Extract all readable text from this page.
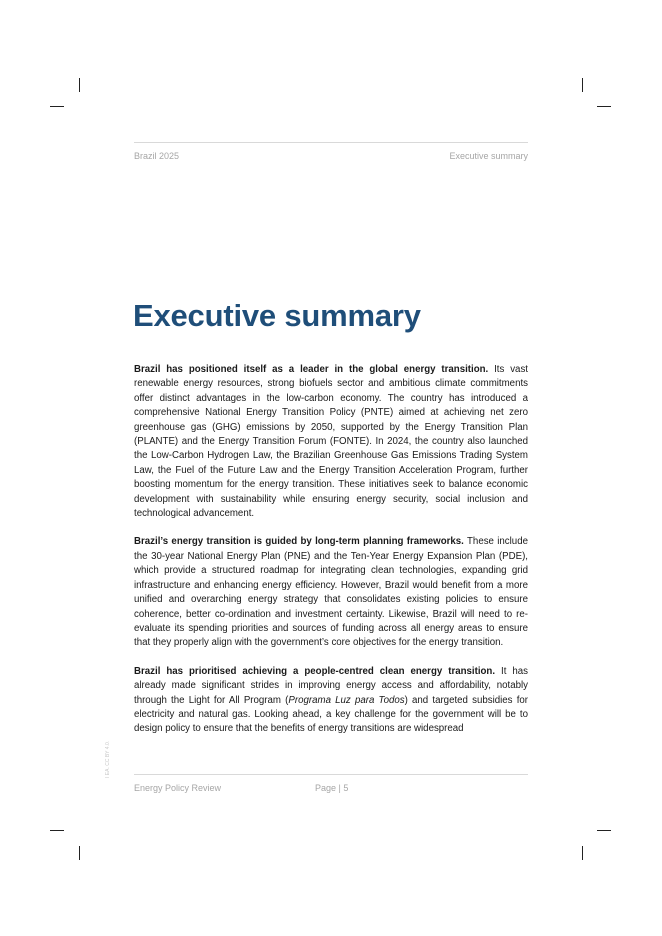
Brazil 2025	Executive summary
Executive summary

Brazil has positioned itself as a leader in the global energy transition. Its vast renewable energy resources, strong biofuels sector and ambitious climate commitments offer distinct advantages in the low-carbon economy. The country has introduced a comprehensive National Energy Transition Policy (PNTE) aimed at achieving net zero greenhouse gas (GHG) emissions by 2050, supported by the Energy Transition Plan (PLANTE) and the Energy Transition Forum (FONTE). In 2024, the country also launched the Low-Carbon Hydrogen Law, the Brazilian Greenhouse Gas Emissions Trading System Law, the Fuel of the Future Law and the Energy Transition Acceleration Program, further boosting momentum for the energy transition. These initiatives seek to balance economic development with sustainability while ensuring energy security, social inclusion and technological advancement.

Brazil’s energy transition is guided by long-term planning frameworks. These include the 30-year National Energy Plan (PNE) and the Ten-Year Energy Expansion Plan (PDE), which provide a structured roadmap for integrating clean technologies, expanding grid infrastructure and enhancing energy efficiency. However, Brazil would benefit from a more unified and overarching energy strategy that consolidates existing policies to ensure coherence, better co-ordination and investment certainty. Likewise, Brazil will need to re-evaluate its spending priorities and sources of funding across all energy areas to ensure that they properly align with the government’s core objectives for the energy transition.

Brazil has prioritised achieving a people-centred clean energy transition. It has already made significant strides in improving energy access and affordability, notably through the Light for All Program (Programa Luz para Todos) and targeted subsidies for electricity and natural gas. Looking ahead, a key challenge for the government will be to design policy to ensure that the benefits of energy transitions are widespread

I EA. CC BY 4.0.
Energy Policy Review	Page | 5
